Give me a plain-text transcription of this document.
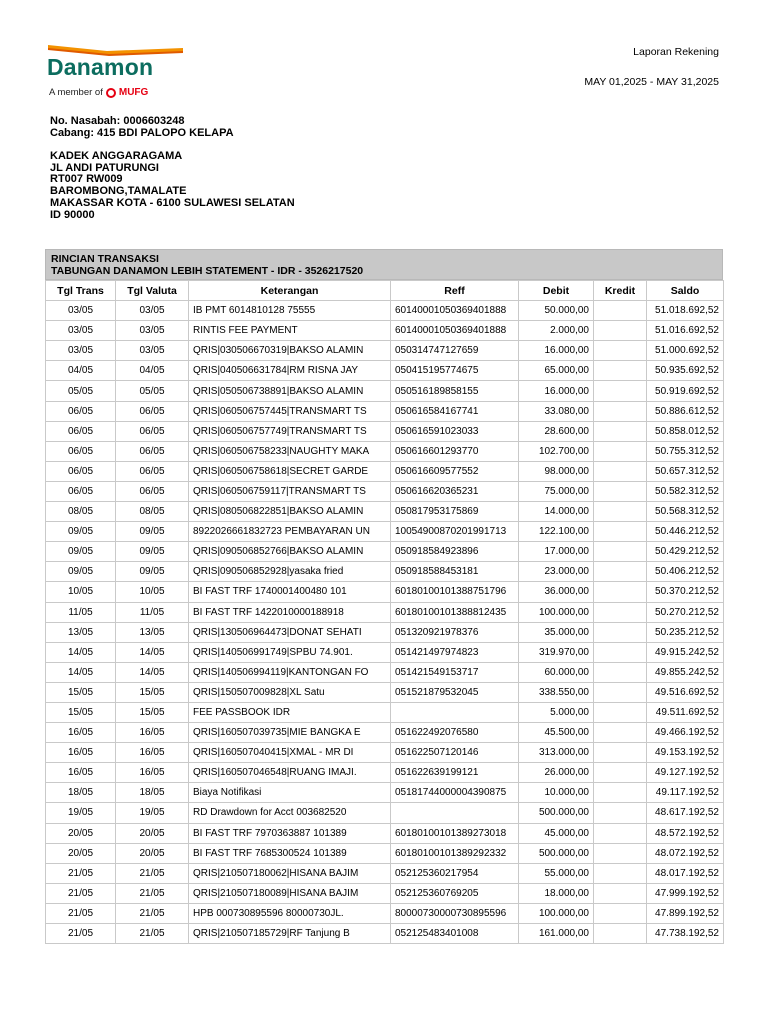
Danamon
A member of MUFG
Laporan Rekening
MAY 01,2025 - MAY 31,2025
No. Nasabah: 0006603248
Cabang: 415 BDI PALOPO KELAPA
KADEK ANGGARAGAMA
JL ANDI PATURUNGI
RT007 RW009
BAROMBONG,TAMALATE
MAKASSAR KOTA - 6100 SULAWESI SELATAN
ID 90000
RINCIAN TRANSAKSI
TABUNGAN DANAMON LEBIH STATEMENT - IDR - 3526217520
Tgl Trans	Tgl Valuta	Keterangan	Reff	Debit	Kredit	Saldo
03/05	03/05	IB PMT 6014810128 75555	60140001050369401888	50.000,00		51.018.692,52
03/05	03/05	RINTIS FEE PAYMENT	60140001050369401888	2.000,00		51.016.692,52
03/05	03/05	QRIS|030506670319|BAKSO ALAMIN	050314747127659	16.000,00		51.000.692,52
04/05	04/05	QRIS|040506631784|RM RISNA JAY	050415195774675	65.000,00		50.935.692,52
05/05	05/05	QRIS|050506738891|BAKSO ALAMIN	050516189858155	16.000,00		50.919.692,52
06/05	06/05	QRIS|060506757445|TRANSMART TS	050616584167741	33.080,00		50.886.612,52
06/05	06/05	QRIS|060506757749|TRANSMART TS	050616591023033	28.600,00		50.858.012,52
06/05	06/05	QRIS|060506758233|NAUGHTY MAKA	050616601293770	102.700,00		50.755.312,52
06/05	06/05	QRIS|060506758618|SECRET GARDE	050616609577552	98.000,00		50.657.312,52
06/05	06/05	QRIS|060506759117|TRANSMART TS	050616620365231	75.000,00		50.582.312,52
08/05	08/05	QRIS|080506822851|BAKSO ALAMIN	050817953175869	14.000,00		50.568.312,52
09/05	09/05	8922026661832723 PEMBAYARAN UN	10054900870201991713	122.100,00		50.446.212,52
09/05	09/05	QRIS|090506852766|BAKSO ALAMIN	050918584923896	17.000,00		50.429.212,52
09/05	09/05	QRIS|090506852928|yasaka fried	050918588453181	23.000,00		50.406.212,52
10/05	10/05	BI FAST TRF 1740001400480 101	60180100101388751796	36.000,00		50.370.212,52
11/05	11/05	BI FAST TRF 1422010000188918	60180100101388812435	100.000,00		50.270.212,52
13/05	13/05	QRIS|130506964473|DONAT SEHATI	051320921978376	35.000,00		50.235.212,52
14/05	14/05	QRIS|140506991749|SPBU 74.901.	051421497974823	319.970,00		49.915.242,52
14/05	14/05	QRIS|140506994119|KANTONGAN FO	051421549153717	60.000,00		49.855.242,52
15/05	15/05	QRIS|150507009828|XL Satu	051521879532045	338.550,00		49.516.692,52
15/05	15/05	FEE PASSBOOK IDR		5.000,00		49.511.692,52
16/05	16/05	QRIS|160507039735|MIE BANGKA E	051622492076580	45.500,00		49.466.192,52
16/05	16/05	QRIS|160507040415|XMAL - MR DI	051622507120146	313.000,00		49.153.192,52
16/05	16/05	QRIS|160507046548|RUANG IMAJI.	051622639199121	26.000,00		49.127.192,52
18/05	18/05	Biaya Notifikasi	05181744000004390875	10.000,00		49.117.192,52
19/05	19/05	RD Drawdown for Acct 003682520		500.000,00		48.617.192,52
20/05	20/05	BI FAST TRF 7970363887 101389	60180100101389273018	45.000,00		48.572.192,52
20/05	20/05	BI FAST TRF 7685300524 101389	60180100101389292332	500.000,00		48.072.192,52
21/05	21/05	QRIS|210507180062|HISANA BAJIM	052125360217954	55.000,00		48.017.192,52
21/05	21/05	QRIS|210507180089|HISANA BAJIM	052125360769205	18.000,00		47.999.192,52
21/05	21/05	HPB 000730895596 80000730JL.	80000730000730895596	100.000,00		47.899.192,52
21/05	21/05	QRIS|210507185729|RF Tanjung B	052125483401008	161.000,00		47.738.192,52
